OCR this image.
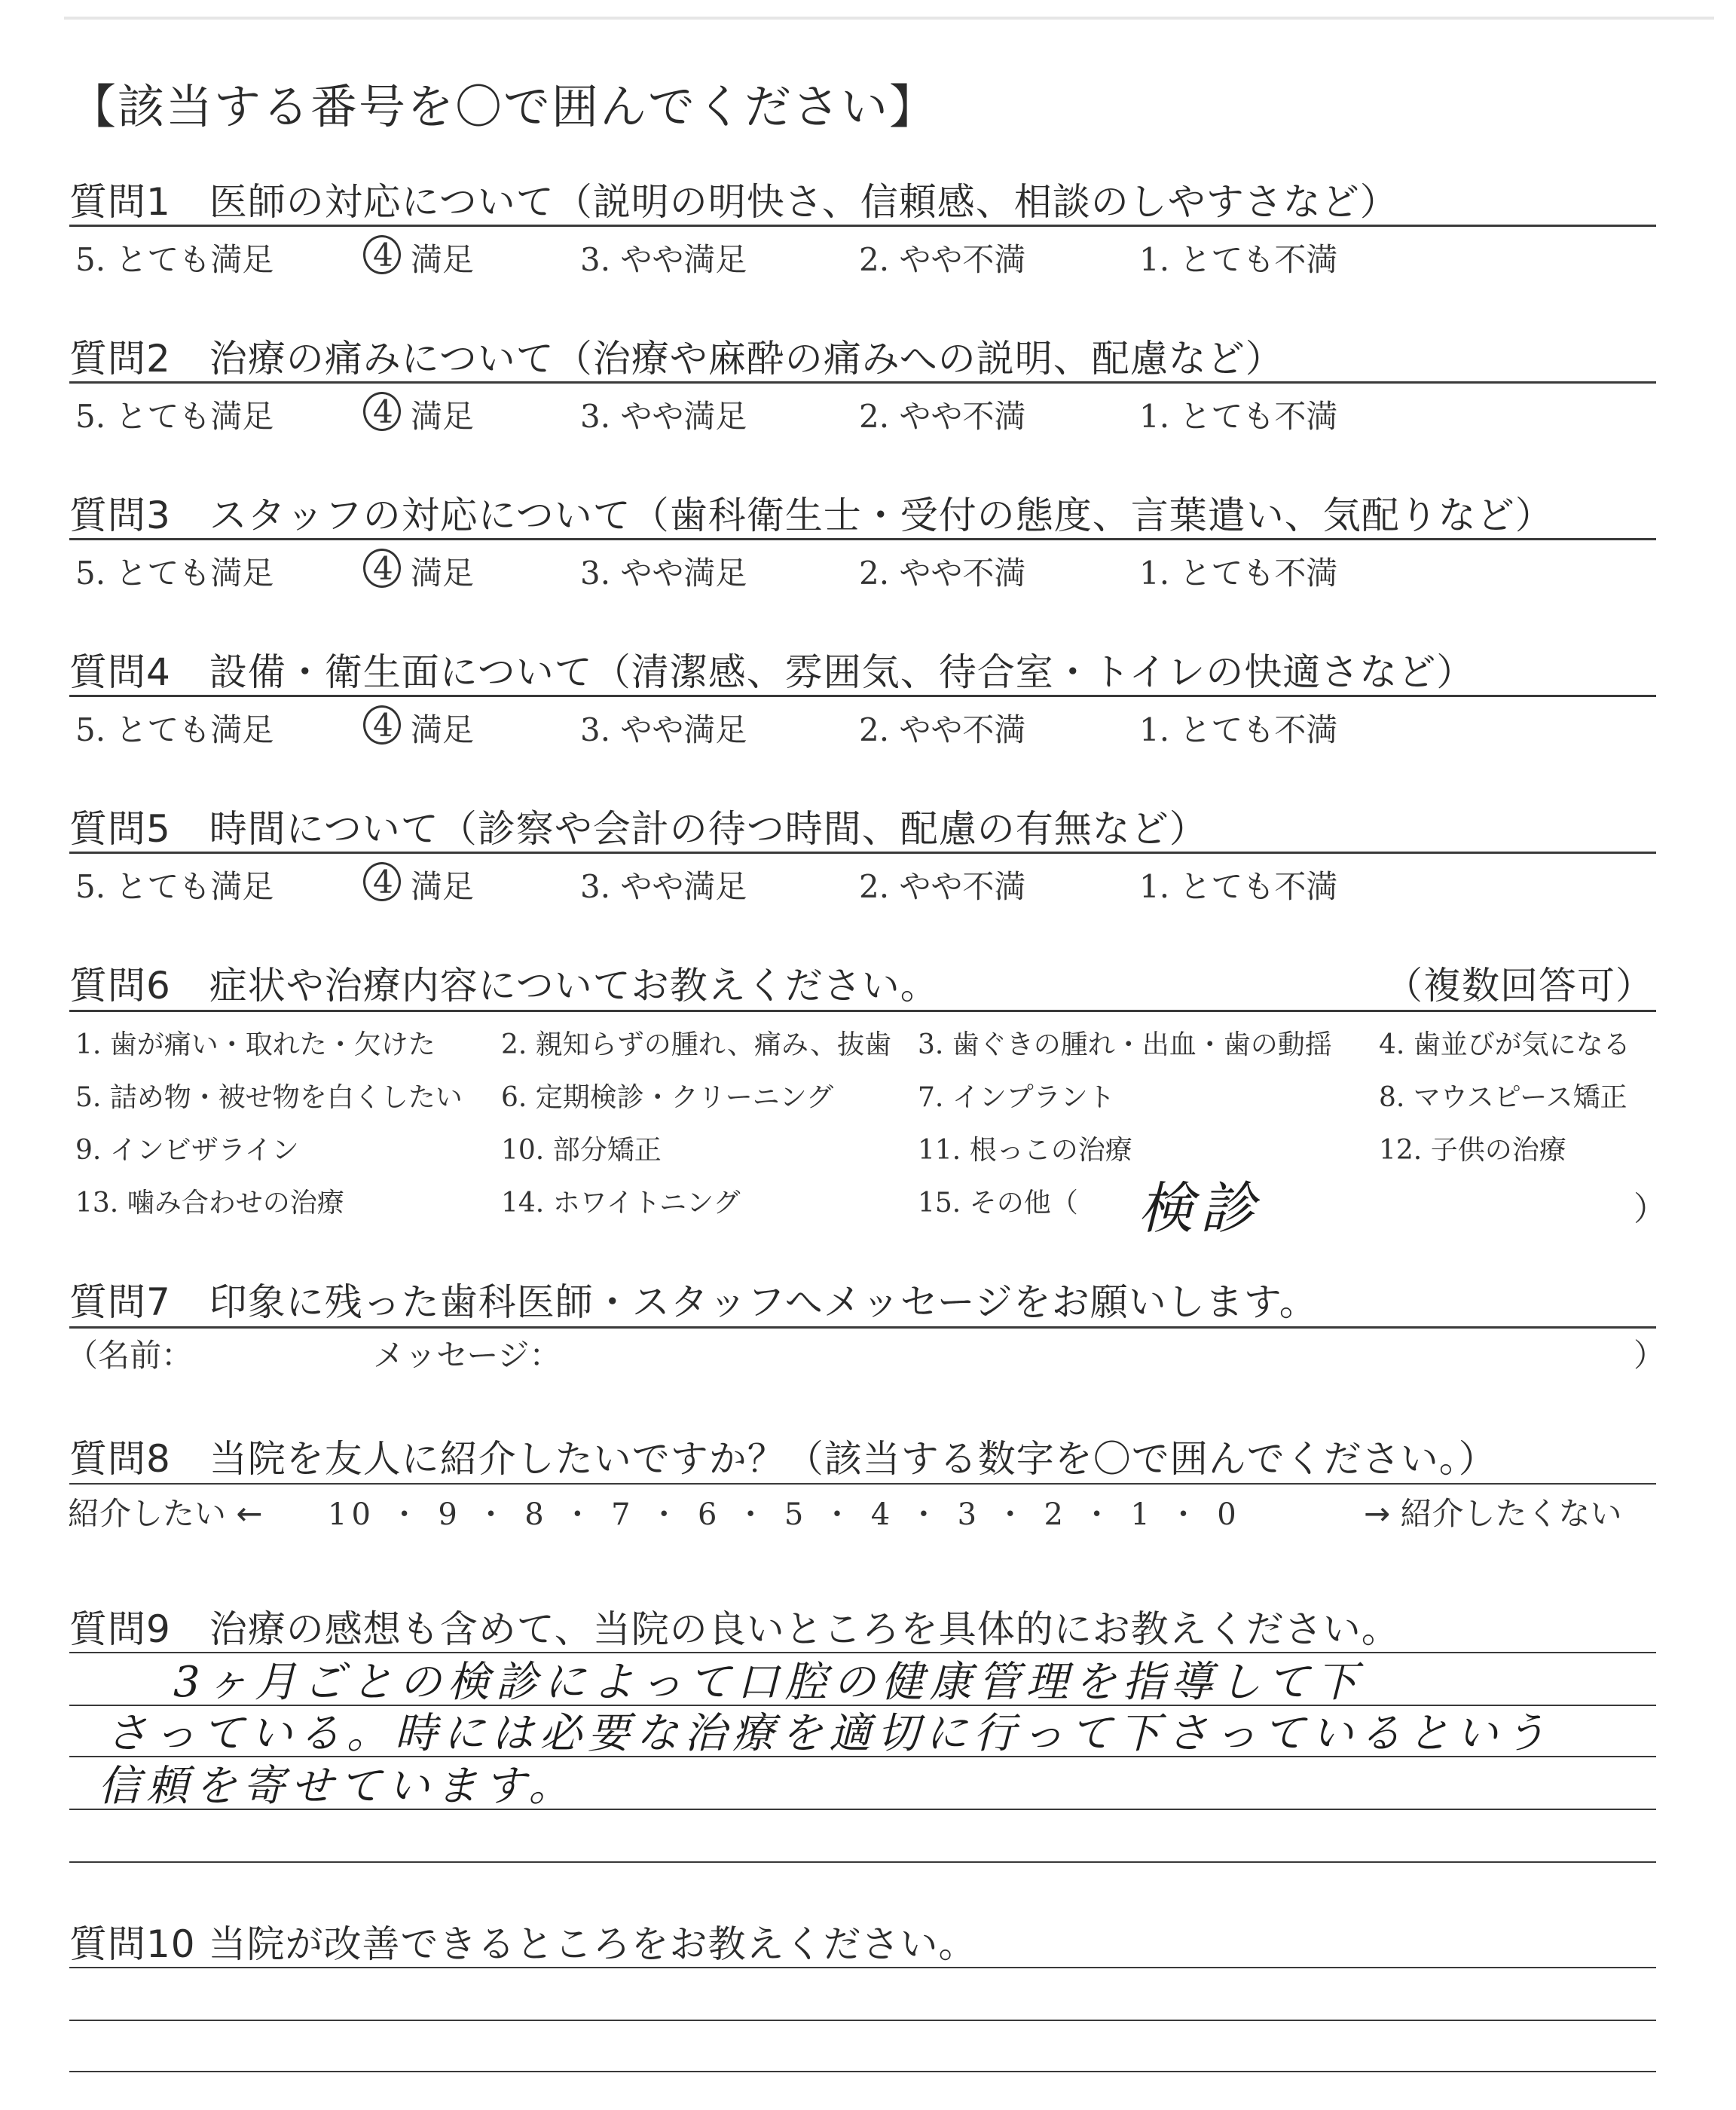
【該当する番号を〇で囲んでください】
質問1　医師の対応について（説明の明快さ、信頼感、相談のしやすさなど）
5. とても満足	4 満足	3. やや満足	2. やや不満	1. とても不満
質問2　治療の痛みについて（治療や麻酔の痛みへの説明、配慮など）
5. とても満足	4 満足	3. やや満足	2. やや不満	1. とても不満
質問3　スタッフの対応について（歯科衛生士・受付の態度、言葉遣い、気配りなど）
5. とても満足	4 満足	3. やや満足	2. やや不満	1. とても不満
質問4　設備・衛生面について（清潔感、雰囲気、待合室・トイレの快適さなど）
5. とても満足	4 満足	3. やや満足	2. やや不満	1. とても不満
質問5　時間について（診察や会計の待つ時間、配慮の有無など）
5. とても満足	4 満足	3. やや満足	2. やや不満	1. とても不満
質問6　症状や治療内容についてお教えください。	（複数回答可）
1. 歯が痛い・取れた・欠けた 2. 親知らずの腫れ、痛み、抜歯 3. 歯ぐきの腫れ・出血・歯の動揺 4. 歯並びが気になる
5. 詰め物・被せ物を白くしたい 6. 定期検診・クリーニング	7. インプラント	8. マウスピース矯正
9. インビザライン	10. 部分矯正	11. 根っこの治療	12. 子供の治療
13. 噛み合わせの治療	14. ホワイトニング	15. その他（ 検診	）
質問7　印象に残った歯科医師・スタッフへメッセージをお願いします。
（名前：	メッセージ：	）
質問8　当院を友人に紹介したいですか？（該当する数字を〇で囲んでください。）
紹介したい ← 10 ・ 9 ・ 8 ・ 7 ・ 6 ・ 5 ・ 4 ・ 3 ・ 2 ・ 1 ・ 0	→ 紹介したくない
質問9　治療の感想も含めて、当院の良いところを具体的にお教えください。
3ヶ月ごとの検診によって口腔の健康管理を指導して下
さっている。時には必要な治療を適切に行って下さっているという
信頼を寄せています。
質問10 当院が改善できるところをお教えください。
